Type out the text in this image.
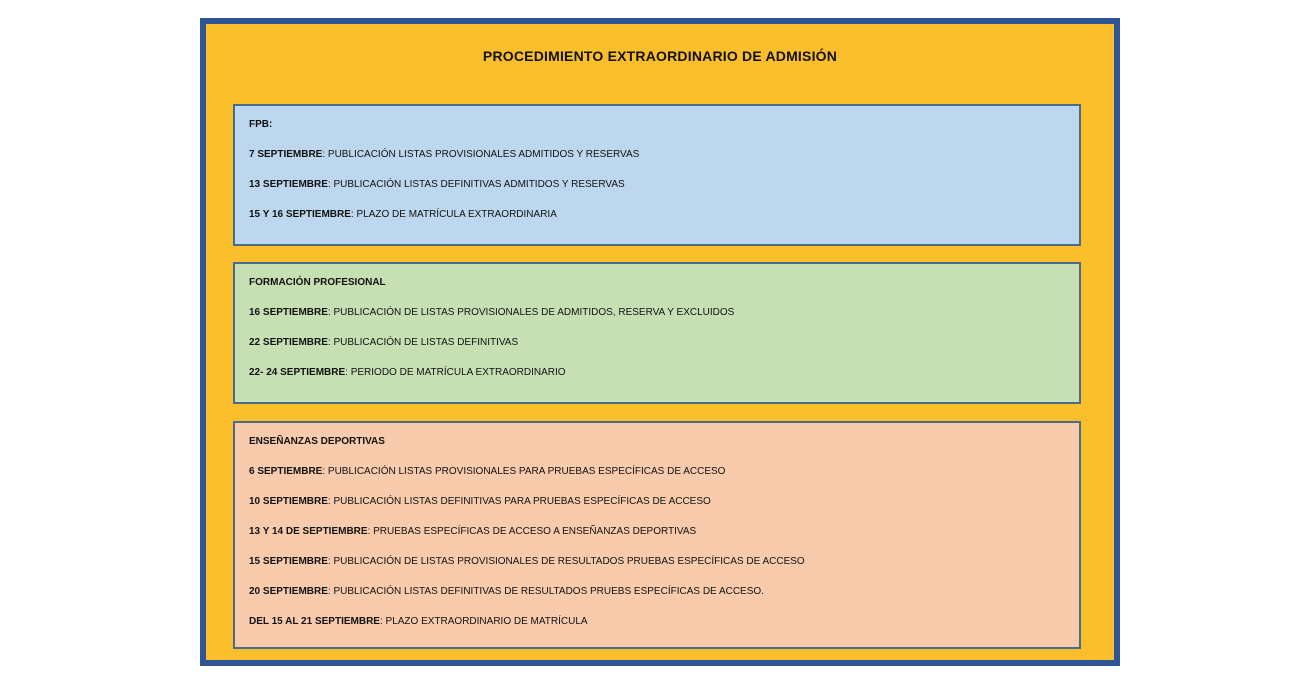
PROCEDIMIENTO EXTRAORDINARIO DE ADMISIÓN
FPB:
7 SEPTIEMBRE: PUBLICACIÓN LISTAS PROVISIONALES ADMITIDOS Y RESERVAS
13 SEPTIEMBRE: PUBLICACIÓN LISTAS DEFINITIVAS ADMITIDOS Y RESERVAS
15 Y 16 SEPTIEMBRE: PLAZO DE MATRÍCULA EXTRAORDINARIA
FORMACIÓN PROFESIONAL
16 SEPTIEMBRE: PUBLICACIÓN DE LISTAS PROVISIONALES DE ADMITIDOS, RESERVA Y EXCLUIDOS
22 SEPTIEMBRE: PUBLICACIÓN DE LISTAS DEFINITIVAS
22- 24 SEPTIEMBRE: PERIODO DE MATRÍCULA EXTRAORDINARIO
ENSEÑANZAS DEPORTIVAS
6 SEPTIEMBRE: PUBLICACIÓN LISTAS PROVISIONALES PARA PRUEBAS ESPECÍFICAS DE ACCESO
10 SEPTIEMBRE: PUBLICACIÓN LISTAS DEFINITIVAS PARA PRUEBAS ESPECÍFICAS DE ACCESO
13 Y 14 DE SEPTIEMBRE: PRUEBAS ESPECÍFICAS DE ACCESO A ENSEÑANZAS DEPORTIVAS
15 SEPTIEMBRE: PUBLICACIÓN DE LISTAS PROVISIONALES DE RESULTADOS PRUEBAS ESPECÍFICAS DE ACCESO
20 SEPTIEMBRE: PUBLICACIÓN LISTAS DEFINITIVAS DE RESULTADOS PRUEBS ESPECÍFICAS DE ACCESO.
DEL 15 AL 21 SEPTIEMBRE: PLAZO EXTRAORDINARIO DE MATRÍCULA
